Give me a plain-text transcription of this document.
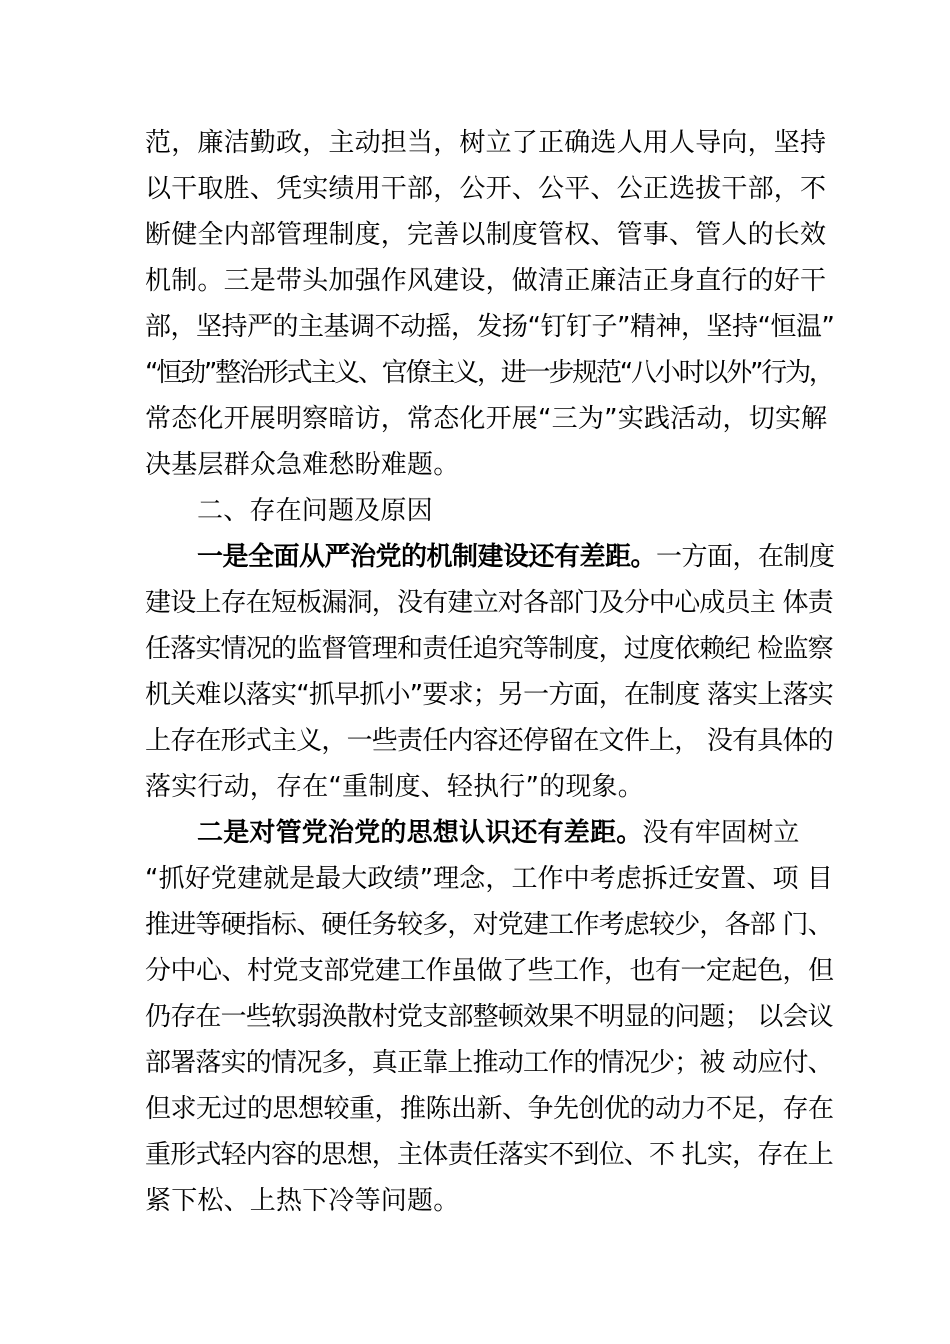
范，廉洁勤政，主动担当，树立了正确选人用人导向，坚持
以干取胜、凭实绩用干部，公开、公平、公正选拔干部，不
断健全内部管理制度，完善以制度管权、管事、管人的长效
机制。三是带头加强作风建设，做清正廉洁正身直行的好干
部，坚持严的主基调不动摇，发扬“钉钉子”精神，坚持“恒温”
“恒劲”整治形式主义、官僚主义，进一步规范“八小时以外”行为，
常态化开展明察暗访，常态化开展“三为”实践活动，切实解
决基层群众急难愁盼难题。
二、存在问题及原因
一是全面从严治党的机制建设还有差距。一方面，在制度
建设上存在短板漏洞，没有建立对各部门及分中心成员主 体责
任落实情况的监督管理和责任追究等制度，过度依赖纪 检监察
机关难以落实“抓早抓小”要求；另一方面，在制度 落实上落实
上存在形式主义，一些责任内容还停留在文件上， 没有具体的
落实行动，存在“重制度、轻执行”的现象。
二是对管党治党的思想认识还有差距。没有牢固树立
“抓好党建就是最大政绩”理念，工作中考虑拆迁安置、项 目
推进等硬指标、硬任务较多，对党建工作考虑较少，各部 门、
分中心、村党支部党建工作虽做了些工作，也有一定起色，但
仍存在一些软弱涣散村党支部整顿效果不明显的问题； 以会议
部署落实的情况多，真正靠上推动工作的情况少；被 动应付、
但求无过的思想较重，推陈出新、争先创优的动力不足，存在
重形式轻内容的思想，主体责任落实不到位、不 扎实，存在上
紧下松、上热下冷等问题。
